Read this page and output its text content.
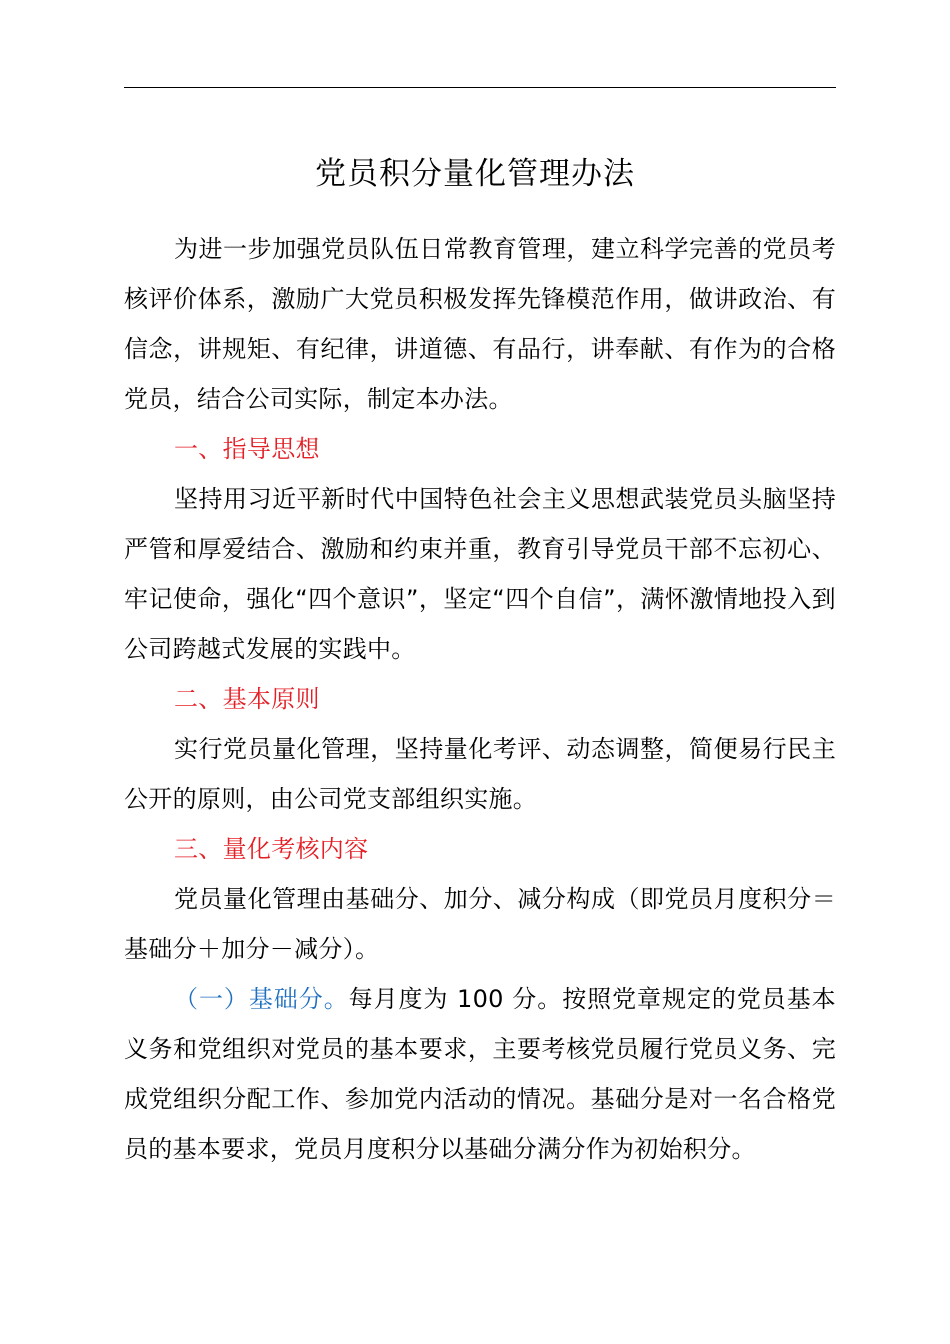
党员积分量化管理办法

为进一步加强党员队伍日常教育管理，建立科学完善的党员考核评价体系，激励广大党员积极发挥先锋模范作用，做讲政治、有信念，讲规矩、有纪律，讲道德、有品行，讲奉献、有作为的合格党员，结合公司实际，制定本办法。

一、指导思想

坚持用习近平新时代中国特色社会主义思想武装党员头脑坚持严管和厚爱结合、激励和约束并重，教育引导党员干部不忘初心、牢记使命，强化“四个意识”，坚定“四个自信”，满怀激情地投入到公司跨越式发展的实践中。

二、基本原则

实行党员量化管理，坚持量化考评、动态调整，简便易行民主公开的原则，由公司党支部组织实施。

三、量化考核内容

党员量化管理由基础分、加分、减分构成（即党员月度积分＝基础分＋加分－减分）。

（一）基础分。每月度为 100 分。按照党章规定的党员基本义务和党组织对党员的基本要求，主要考核党员履行党员义务、完成党组织分配工作、参加党内活动的情况。基础分是对一名合格党员的基本要求，党员月度积分以基础分满分作为初始积分。
